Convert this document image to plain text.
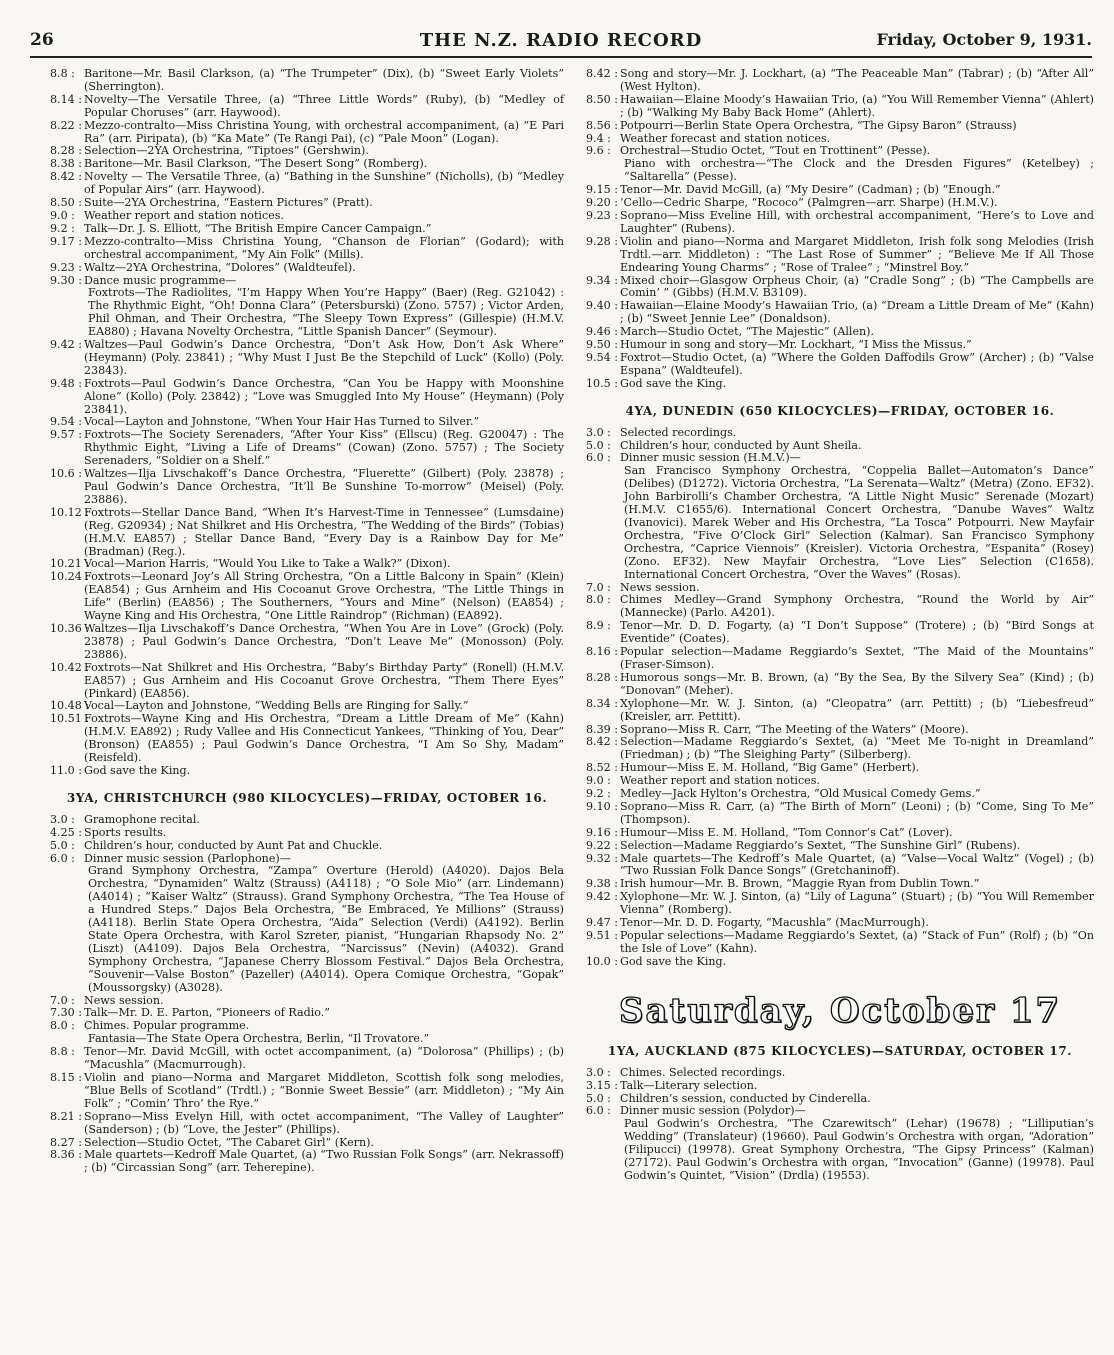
26	THE N.Z. RADIO RECORD	Friday, October 9, 1931.
8.8 : Baritone—Mr. Basil Clarkson, (a) “The Trumpeter” (Dix), (b) “Sweet Early Violets” (Sherrington).
8.14 : Novelty—The Versatile Three, (a) “Three Little Words” (Ruby), (b) “Medley of Popular Choruses” (arr. Haywood).
8.22 : Mezzo-contralto—Miss Christina Young, with orchestral accompaniment, (a) “E Pari Ra” (arr. Piripata), (b) “Ka Mate” (Te Rangi Pai), (c) “Pale Moon” (Logan).
8.28 : Selection—2YA Orchestrina, “Tiptoes” (Gershwin).
8.38 : Baritone—Mr. Basil Clarkson, “The Desert Song” (Romberg).
8.42 : Novelty — The Versatile Three, (a) “Bathing in the Sunshine” (Nicholls), (b) “Medley of Popular Airs” (arr. Haywood).
8.50 : Suite—2YA Orchestrina, “Eastern Pictures” (Pratt).
9.0 : Weather report and station notices.
9.2 : Talk—Dr. J. S. Elliott, “The British Empire Cancer Campaign.”
9.17 : Mezzo-contralto—Miss Christina Young, “Chanson de Florian” (Godard); with orchestral accompaniment, “My Ain Folk” (Mills).
9.23 : Waltz—2YA Orchestrina, “Dolores” (Waldteufel).
9.30 : Dance music programme—
Foxtrots—The Radiolites, “I’m Happy When You’re Happy” (Baer) (Reg. G21042) : The Rhythmic Eight, “Oh! Donna Clara” (Petersburski) (Zono. 5757) ; Victor Arden, Phil Ohman, and Their Orchestra, “The Sleepy Town Express” (Gillespie) (H.M.V. EA880) ; Havana Novelty Orchestra, “Little Spanish Dancer” (Seymour).
9.42 : Waltzes—Paul Godwin’s Dance Orchestra, “Don’t Ask How, Don’t Ask Where” (Heymann) (Poly. 23841) ; “Why Must I Just Be the Stepchild of Luck” (Kollo) (Poly. 23843).
9.48 : Foxtrots—Paul Godwin’s Dance Orchestra, “Can You be Happy with Moonshine Alone” (Kollo) (Poly. 23842) ; “Love was Smuggled Into My House” (Heymann) (Poly 23841).
9.54 : Vocal—Layton and Johnstone, “When Your Hair Has Turned to Silver.”
9.57 : Foxtrots—The Society Serenaders, “After Your Kiss” (Ellscu) (Reg. G20047) : The Rhythmic Eight, “Living a Life of Dreams” (Cowan) (Zono. 5757) ; The Society Serenaders, “Soldier on a Shelf.”
10.6 : Waltzes—Ilja Livschakoff’s Dance Orchestra, “Fluerette” (Gilbert) (Poly. 23878) ; Paul Godwin’s Dance Orchestra, “It’ll Be Sunshine To-morrow” (Meisel) (Poly. 23886).
10.12 :
Foxtrots—Stellar Dance Band, “When It’s Harvest-Time in Tennessee” (Lumsdaine) (Reg. G20934) ; Nat Shilkret and His Orchestra, “The Wedding of the Birds” (Tobias) (H.M.V. EA857) ; Stellar Dance Band, “Every Day is a Rainbow Day for Me” (Bradman) (Reg.).
10.21 :
Vocal—Marion Harris, “Would You Like to Take a Walk?” (Dixon).
10.24 :
Foxtrots—Leonard Joy’s All String Orchestra, “On a Little Balcony in Spain” (Klein) (EA854) ; Gus Arnheim and His Cocoanut Grove Orchestra, “The Little Things in Life” (Berlin) (EA856) ; The Southerners, “Yours and Mine” (Nelson) (EA854) ; Wayne King and His Orchestra, “One Little Raindrop” (Richman) (EA892).
10.36 :
Waltzes—Ilja Livschakoff’s Dance Orchestra, “When You Are in Love” (Grock) (Poly. 23878) ; Paul Godwin’s Dance Orchestra, “Don’t Leave Me” (Monosson) (Poly. 23886).
10.42 :
Foxtrots—Nat Shilkret and His Orchestra, “Baby’s Birthday Party” (Ronell) (H.M.V. EA857) ; Gus Arnheim and His Cocoanut Grove Orchestra, “Them There Eyes” (Pinkard) (EA856).
10.48 :
Vocal—Layton and Johnstone, “Wedding Bells are Ringing for Sally.”
10.51 :
Foxtrots—Wayne King and His Orchestra, “Dream a Little Dream of Me” (Kahn) (H.M.V. EA892) ; Rudy Vallee and His Connecticut Yankees, “Thinking of You, Dear” (Bronson) (EA855) ; Paul Godwin’s Dance Orchestra, “I Am So Shy, Madam” (Reisfeld).
11.0 : God save the King.
3YA, CHRISTCHURCH (980 KILOCYCLES)—FRIDAY, OCTOBER 16.
3.0 : Gramophone recital.
4.25 : Sports results.
5.0 : Children’s hour, conducted by Aunt Pat and Chuckle.
6.0 : Dinner music session (Parlophone)—
Grand Symphony Orchestra, “Zampa” Overture (Herold) (A4020). Dajos Bela Orchestra, “Dynamiden” Waltz (Strauss) (A4118) ; “O Sole Mio” (arr. Lindemann) (A4014) ; “Kaiser Waltz” (Strauss). Grand Symphony Orchestra, “The Tea House of a Hundred Steps.” Dajos Bela Orchestra, “Be Embraced, Ye Millions” (Strauss) (A4118). Berlin State Opera Orchestra, “Aida” Selection (Verdi) (A4192). Berlin State Opera Orchestra, with Karol Szreter, pianist, “Hungarian Rhapsody No. 2” (Liszt) (A4109). Dajos Bela Orchestra, “Narcissus” (Nevin) (A4032). Grand Symphony Orchestra, “Japanese Cherry Blossom Festival.” Dajos Bela Orchestra, “Souvenir—Valse Boston” (Pazeller) (A4014). Opera Comique Orchestra, “Gopak” (Moussorgsky) (A3028).
7.0 : News session.
7.30 : Talk—Mr. D. E. Parton, “Pioneers of Radio.”
8.0 : Chimes. Popular programme.
Fantasia—The State Opera Orchestra, Berlin, “Il Trovatore.”
8.8 : Tenor—Mr. David McGill, with octet accompaniment, (a) “Dolorosa” (Phillips) ; (b) “Macushla” (Macmurrough).
8.15 : Violin and piano—Norma and Margaret Middleton, Scottish folk song melodies, “Blue Bells of Scotland” (Trdtl.) ; “Bonnie Sweet Bessie” (arr. Middleton) ; “My Ain Folk” ; “Comin’ Thro’ the Rye.”
8.21 : Soprano—Miss Evelyn Hill, with octet accompaniment, “The Valley of Laughter” (Sanderson) ; (b) “Love, the Jester” (Phillips).
8.27 : Selection—Studio Octet, “The Cabaret Girl” (Kern).
8.36 : Male quartets—Kedroff Male Quartet, (a) “Two Russian Folk Songs” (arr. Nekrassoff) ; (b) “Circassian Song” (arr. Teherepine).
8.42 : Song and story—Mr. J. Lockhart, (a) “The Peaceable Man” (Tabrar) ; (b) “After All” (West Hylton).
8.50 : Hawaiian—Elaine Moody’s Hawaiian Trio, (a) “You Will Remember Vienna” (Ahlert) ; (b) “Walking My Baby Back Home” (Ahlert).
8.56 : Potpourri—Berlin State Opera Orchestra, “The Gipsy Baron” (Strauss)
9.4 : Weather forecast and station notices.
9.6 : Orchestral—Studio Octet, “Tout en Trottinent” (Pesse).
Piano with orchestra—“The Clock and the Dresden Figures” (Ketelbey) ; “Saltarella” (Pesse).
9.15 : Tenor—Mr. David McGill, (a) “My Desire” (Cadman) ; (b) “Enough.”
9.20 : ’Cello—Cedric Sharpe, “Rococo” (Palmgren—arr. Sharpe) (H.M.V.).
9.23 : Soprano—Miss Eveline Hill, with orchestral accompaniment, “Here’s to Love and Laughter” (Rubens).
9.28 : Violin and piano—Norma and Margaret Middleton, Irish folk song Melodies (Irish Trdtl.—arr. Middleton) : “The Last Rose of Summer” ; “Believe Me If All Those Endearing Young Charms” ; “Rose of Tralee” ; “Minstrel Boy.”
9.34 : Mixed choir—Glasgow Orpheus Choir, (a) “Cradle Song” ; (b) “The Campbells are Comin’ ” (Gibbs) (H.M.V. B3109).
9.40 : Hawaiian—Elaine Moody’s Hawaiian Trio, (a) “Dream a Little Dream of Me” (Kahn) ; (b) “Sweet Jennie Lee” (Donaldson).
9.46 : March—Studio Octet, “The Majestic” (Allen).
9.50 : Humour in song and story—Mr. Lockhart, “I Miss the Missus.”
9.54 : Foxtrot—Studio Octet, (a) “Where the Golden Daffodils Grow” (Archer) ; (b) “Valse Espana” (Waldteufel).
10.5 : God save the King.
4YA, DUNEDIN (650 KILOCYCLES)—FRIDAY, OCTOBER 16.
3.0 : Selected recordings.
5.0 : Children’s hour, conducted by Aunt Sheila.
6.0 : Dinner music session (H.M.V.)—
San Francisco Symphony Orchestra, “Coppelia Ballet—Automaton’s Dance” (Delibes) (D1272). Victoria Orchestra, “La Serenata—Waltz” (Metra) (Zono. EF32). John Barbirolli’s Chamber Orchestra, “A Little Night Music” Serenade (Mozart) (H.M.V. C1655/6). International Concert Orchestra, “Danube Waves” Waltz (Ivanovici). Marek Weber and His Orchestra, “La Tosca” Potpourri. New Mayfair Orchestra, “Five O’Clock Girl” Selection (Kalmar). San Francisco Symphony Orchestra, “Caprice Viennois” (Kreisler). Victoria Orchestra, “Espanita” (Rosey) (Zono. EF32). New Mayfair Orchestra, “Love Lies” Selection (C1658). International Concert Orchestra, “Over the Waves” (Rosas).
7.0 : News session.
8.0 : Chimes Medley—Grand Symphony Orchestra, “Round the World by Air” (Mannecke) (Parlo. A4201).
8.9 : Tenor—Mr. D. D. Fogarty, (a) “I Don’t Suppose” (Trotere) ; (b) “Bird Songs at Eventide” (Coates).
8.16 : Popular selection—Madame Reggiardo’s Sextet, “The Maid of the Mountains” (Fraser-Simson).
8.28 : Humorous songs—Mr. B. Brown, (a) “By the Sea, By the Silvery Sea” (Kind) ; (b) “Donovan” (Meher).
8.34 : Xylophone—Mr. W. J. Sinton, (a) “Cleopatra” (arr. Pettitt) ; (b) “Liebesfreud” (Kreisler, arr. Pettitt).
8.39 : Soprano—Miss R. Carr, “The Meeting of the Waters” (Moore).
8.42 : Selection—Madame Reggiardo’s Sextet, (a) “Meet Me To-night in Dreamland” (Friedman) ; (b) “The Sleighing Party” (Silberberg).
8.52 : Humour—Miss E. M. Holland, “Big Game” (Herbert).
9.0 : Weather report and station notices.
9.2 : Medley—Jack Hylton’s Orchestra, “Old Musical Comedy Gems.”
9.10 : Soprano—Miss R. Carr, (a) “The Birth of Morn” (Leoni) ; (b) “Come, Sing To Me” (Thompson).
9.16 : Humour—Miss E. M. Holland, “Tom Connor’s Cat” (Lover).
9.22 : Selection—Madame Reggiardo’s Sextet, “The Sunshine Girl” (Rubens).
9.32 : Male quartets—The Kedroff’s Male Quartet, (a) “Valse—Vocal Waltz” (Vogel) ; (b) “Two Russian Folk Dance Songs” (Gretchaninoff).
9.38 : Irish humour—Mr. B. Brown, “Maggie Ryan from Dublin Town.”
9.42 : Xylophone—Mr. W. J. Sinton, (a) “Lily of Laguna” (Stuart) ; (b) “You Will Remember Vienna” (Romberg).
9.47 : Tenor—Mr. D. D. Fogarty, “Macushla” (MacMurrough).
9.51 : Popular selections—Madame Reggiardo’s Sextet, (a) “Stack of Fun” (Rolf) ; (b) “On the Isle of Love” (Kahn).
10.0 : God save the King.
Saturday, October 17
1YA, AUCKLAND (875 KILOCYCLES)—SATURDAY, OCTOBER 17.
3.0 : Chimes. Selected recordings.
3.15 : Talk—Literary selection.
5.0 : Children’s session, conducted by Cinderella.
6.0 : Dinner music session (Polydor)—
Paul Godwin’s Orchestra, “The Czarewitsch” (Lehar) (19678) ; “Lilliputian’s Wedding” (Translateur) (19660). Paul Godwin’s Orchestra with organ, “Adoration” (Filipucci) (19978). Great Symphony Orchestra, “The Gipsy Princess” (Kalman) (27172). Paul Godwin’s Orchestra with organ, “Invocation” (Ganne) (19978). Paul Godwin’s Quintet, “Vision” (Drdla) (19553).
